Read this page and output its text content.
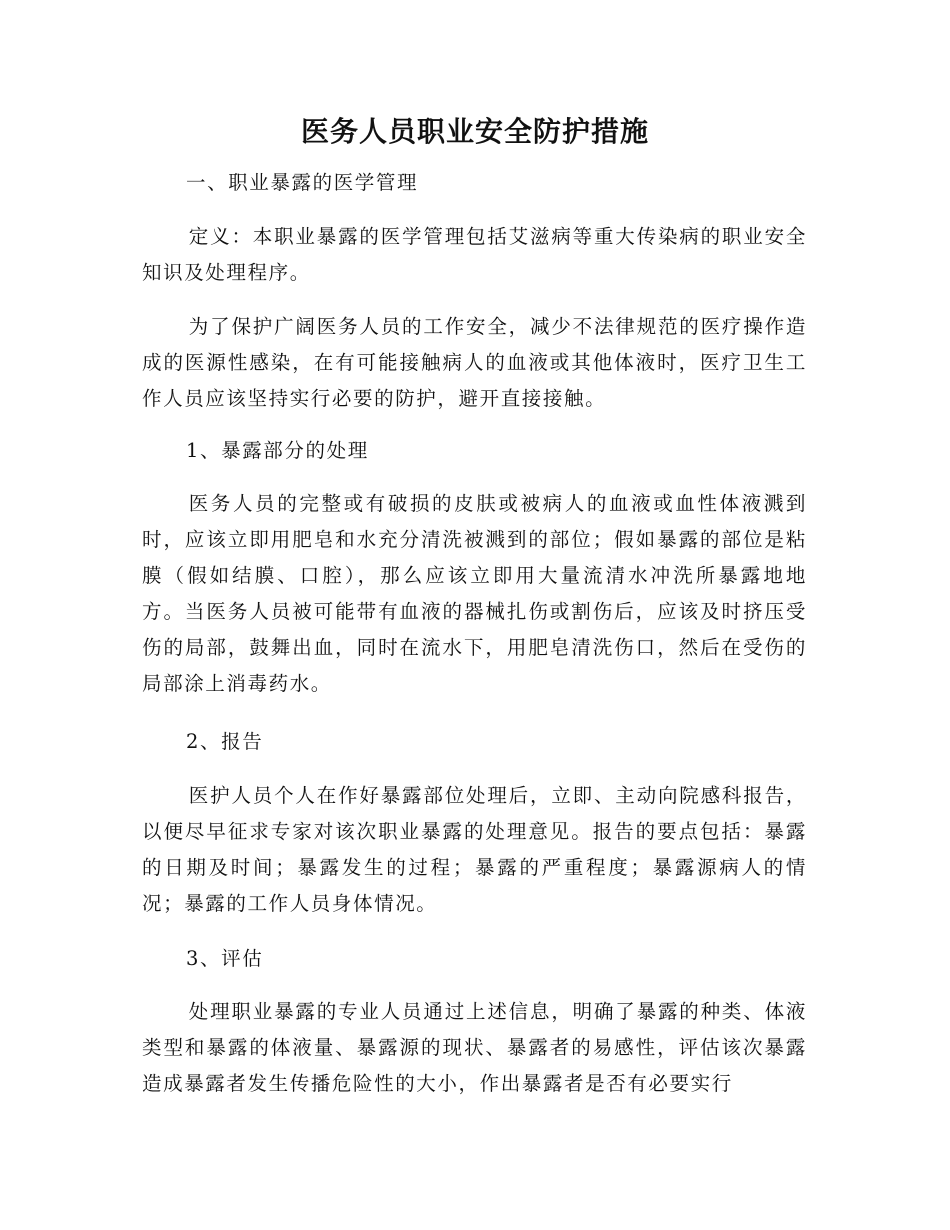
医务人员职业安全防护措施
一、职业暴露的医学管理

定义：本职业暴露的医学管理包括艾滋病等重大传染病的职业安全知识及处理程序。

为了保护广阔医务人员的工作安全，减少不法律规范的医疗操作造成的医源性感染，在有可能接触病人的血液或其他体液时，医疗卫生工作人员应该坚持实行必要的防护，避开直接接触。

1、暴露部分的处理

医务人员的完整或有破损的皮肤或被病人的血液或血性体液溅到时，应该立即用肥皂和水充分清洗被溅到的部位；假如暴露的部位是粘膜（假如结膜、口腔），那么应该立即用大量流清水冲洗所暴露地地方。当医务人员被可能带有血液的器械扎伤或割伤后，应该及时挤压受伤的局部，鼓舞出血，同时在流水下，用肥皂清洗伤口，然后在受伤的局部涂上消毒药水。

2、报告

医护人员个人在作好暴露部位处理后，立即、主动向院感科报告，以便尽早征求专家对该次职业暴露的处理意见。报告的要点包括：暴露的日期及时间；暴露发生的过程；暴露的严重程度；暴露源病人的情况；暴露的工作人员身体情况。

3、评估

处理职业暴露的专业人员通过上述信息，明确了暴露的种类、体液类型和暴露的体液量、暴露源的现状、暴露者的易感性，评估该次暴露造成暴露者发生传播危险性的大小，作出暴露者是否有必要实行
